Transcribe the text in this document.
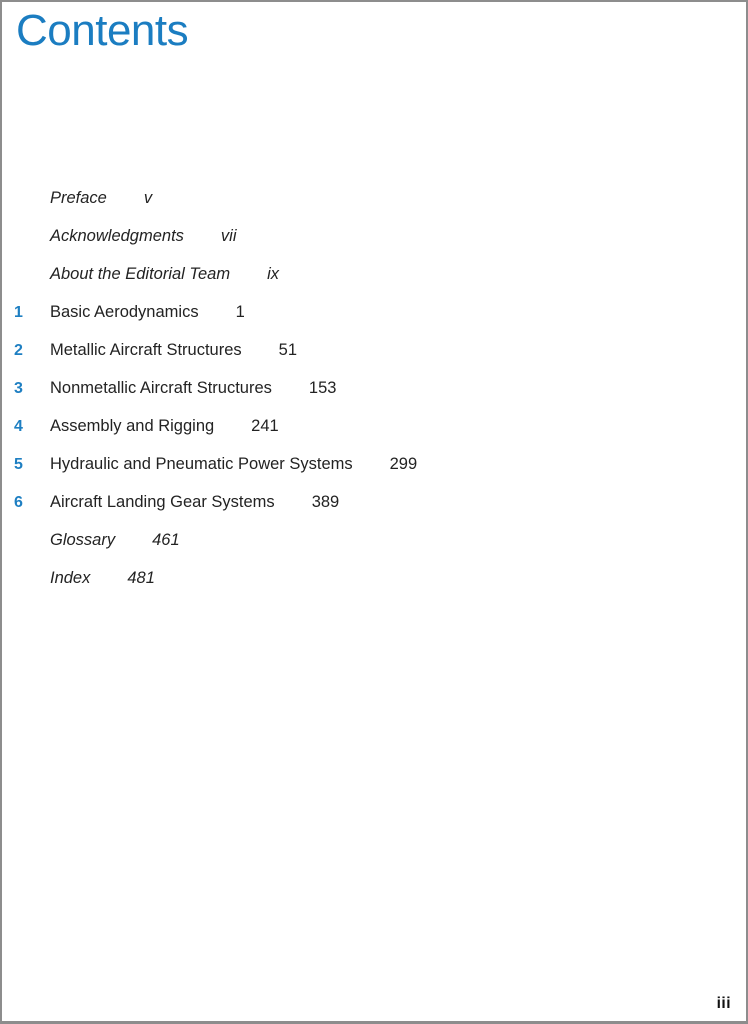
Contents
Preface v
Acknowledgments vii
About the Editorial Team ix
1	Basic Aerodynamics 1
2	Metallic Aircraft Structures 51
3	Nonmetallic Aircraft Structures 153
4	Assembly and Rigging 241
5	Hydraulic and Pneumatic Power Systems 299
6	Aircraft Landing Gear Systems 389
Glossary 461
Index 481
iii
